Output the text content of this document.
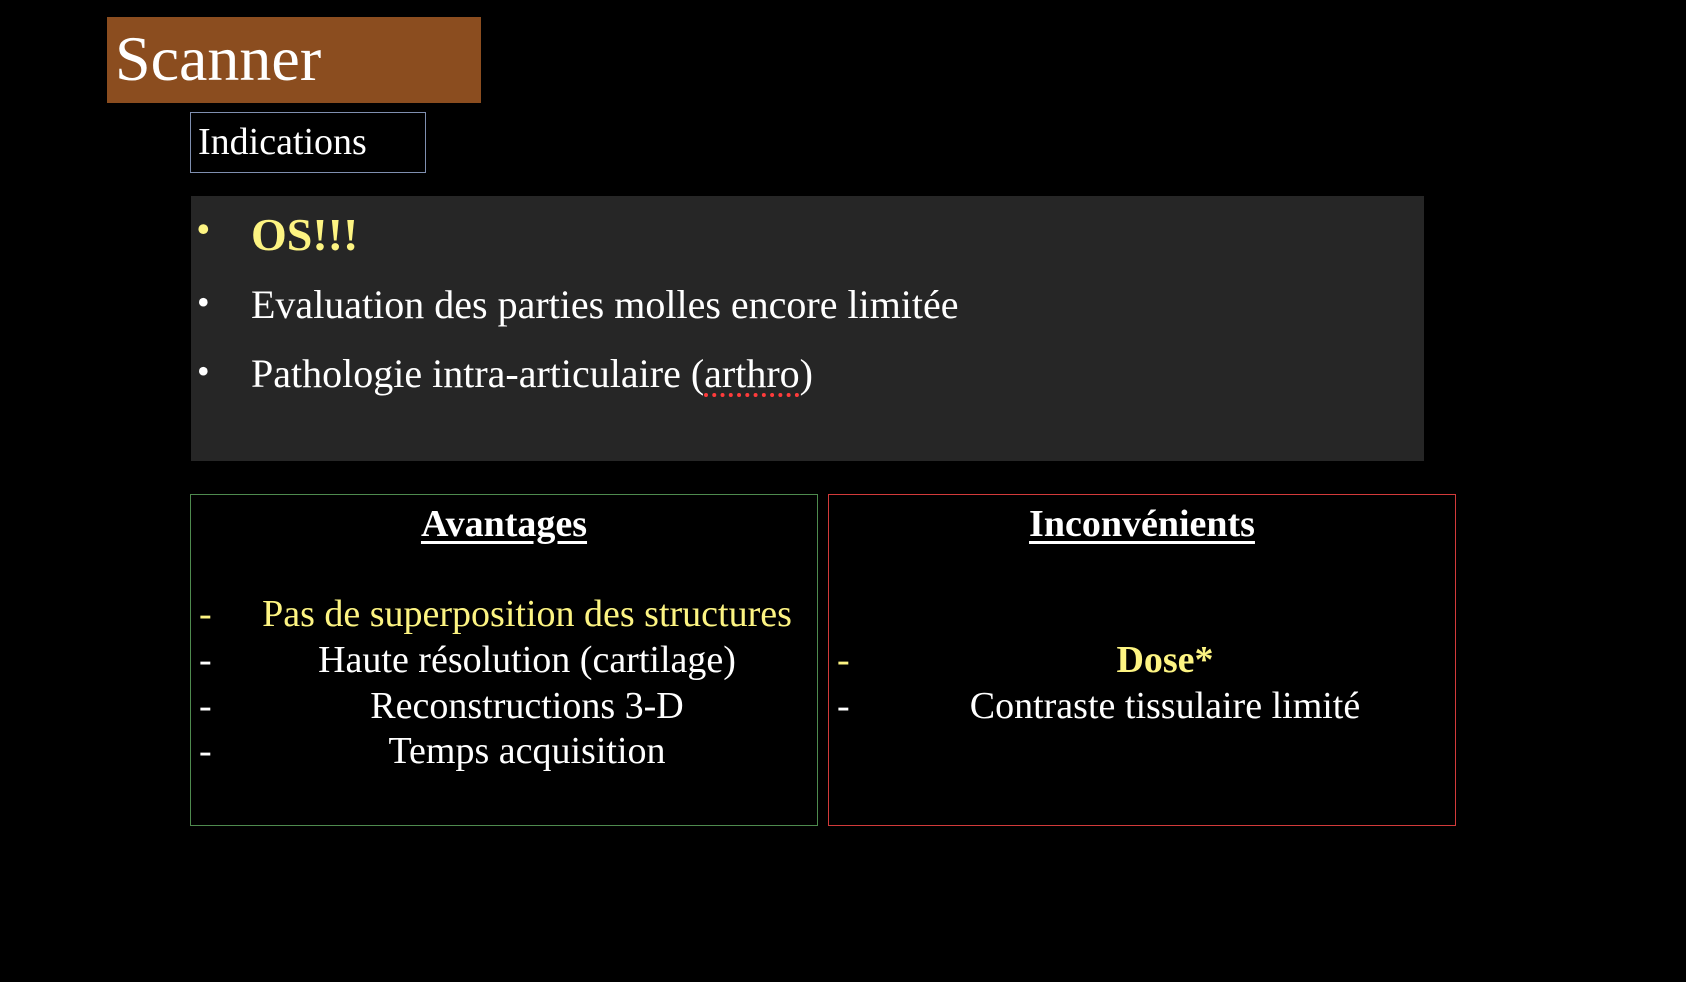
Scanner
Indications
• OS!!!
• Evaluation des parties molles encore limitée
• Pathologie intra-articulaire (arthro)
Avantages
-	Pas de superposition des structures
-	Haute résolution (cartilage)
-	Reconstructions 3-D
-	Temps acquisition
Inconvénients
-	Dose*
-	Contraste tissulaire limité
